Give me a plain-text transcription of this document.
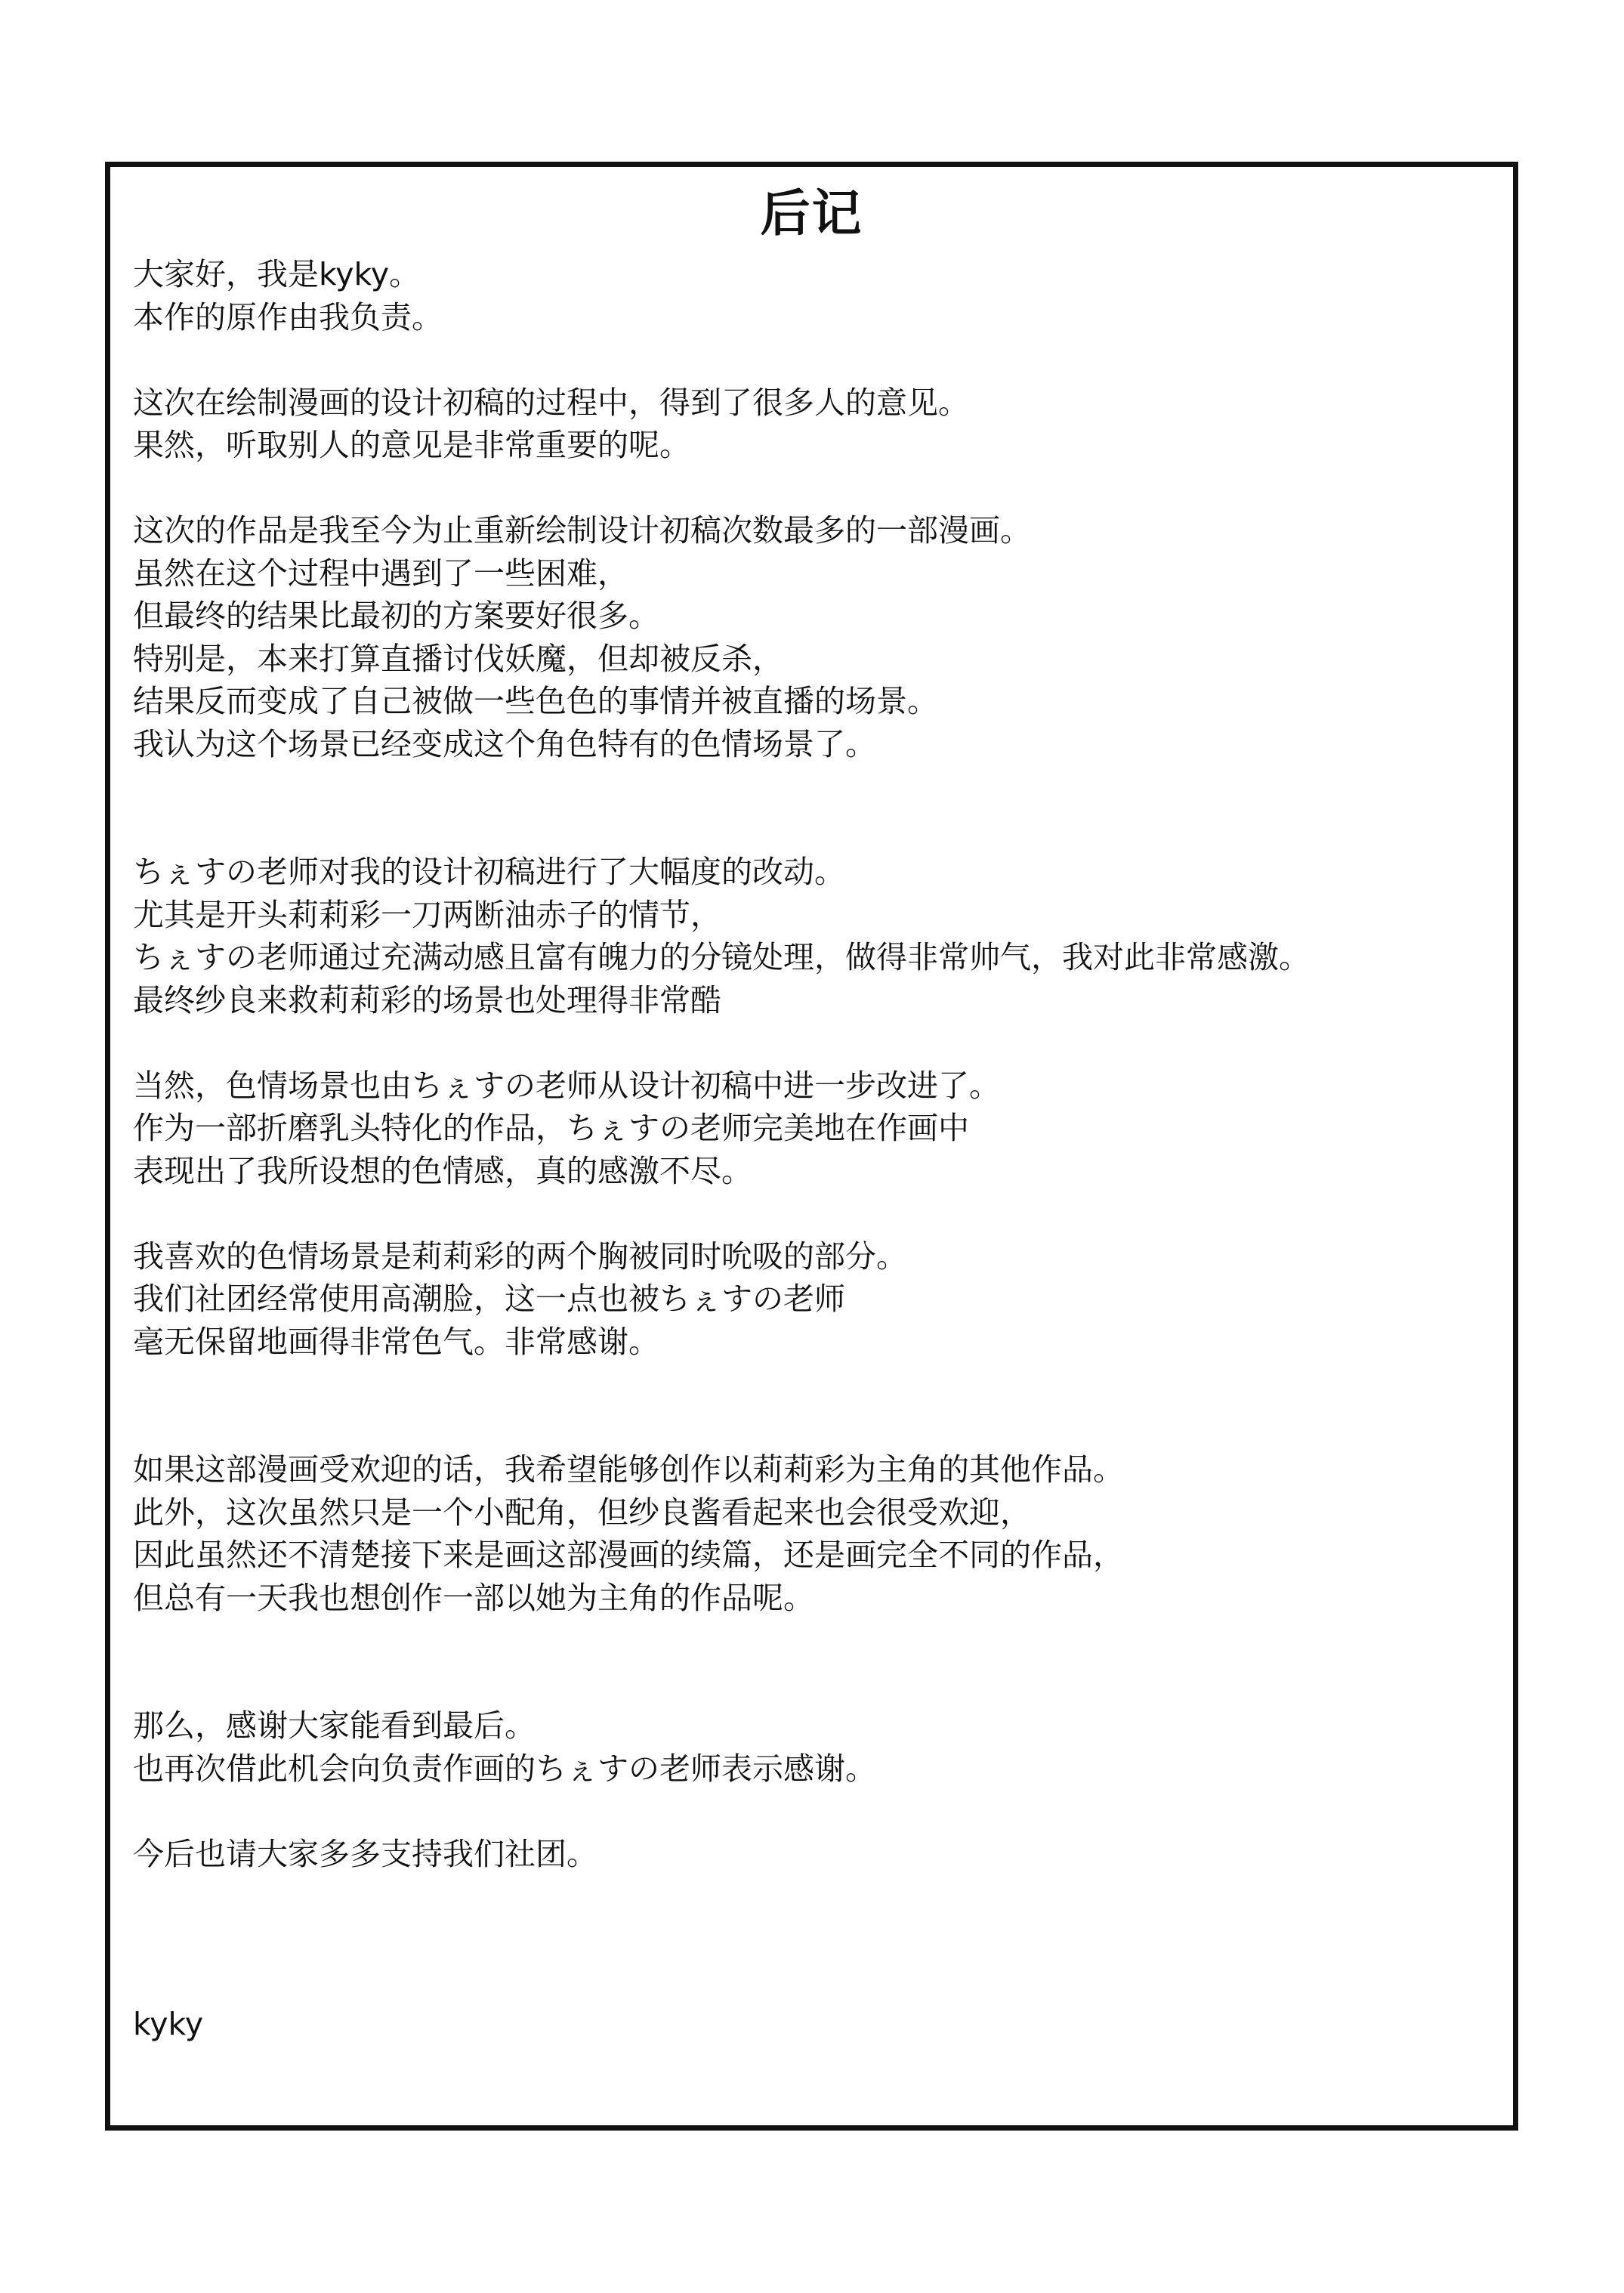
后记

大家好，我是kyky。
本作的原作由我负责。

这次在绘制漫画的设计初稿的过程中，得到了很多人的意见。
果然，听取别人的意见是非常重要的呢。

这次的作品是我至今为止重新绘制设计初稿次数最多的一部漫画。
虽然在这个过程中遇到了一些困难，
但最终的结果比最初的方案要好很多。
特别是，本来打算直播讨伐妖魔，但却被反杀，
结果反而变成了自己被做一些色色的事情并被直播的场景。
我认为这个场景已经变成这个角色特有的色情场景了。

ちぇすの老师对我的设计初稿进行了大幅度的改动。
尤其是开头莉莉彩一刀两断油赤子的情节，
ちぇすの老师通过充满动感且富有魄力的分镜处理，做得非常帅气，我对此非常感激。
最终纱良来救莉莉彩的场景也处理得非常酷

当然，色情场景也由ちぇすの老师从设计初稿中进一步改进了。
作为一部折磨乳头特化的作品，ちぇすの老师完美地在作画中
表现出了我所设想的色情感，真的感激不尽。

我喜欢的色情场景是莉莉彩的两个胸被同时吮吸的部分。
我们社团经常使用高潮脸，这一点也被ちぇすの老师
毫无保留地画得非常色气。非常感谢。

如果这部漫画受欢迎的话，我希望能够创作以莉莉彩为主角的其他作品。
此外，这次虽然只是一个小配角，但纱良酱看起来也会很受欢迎，
因此虽然还不清楚接下来是画这部漫画的续篇，还是画完全不同的作品，
但总有一天我也想创作一部以她为主角的作品呢。

那么，感谢大家能看到最后。
也再次借此机会向负责作画的ちぇすの老师表示感谢。

今后也请大家多多支持我们社团。

kyky
